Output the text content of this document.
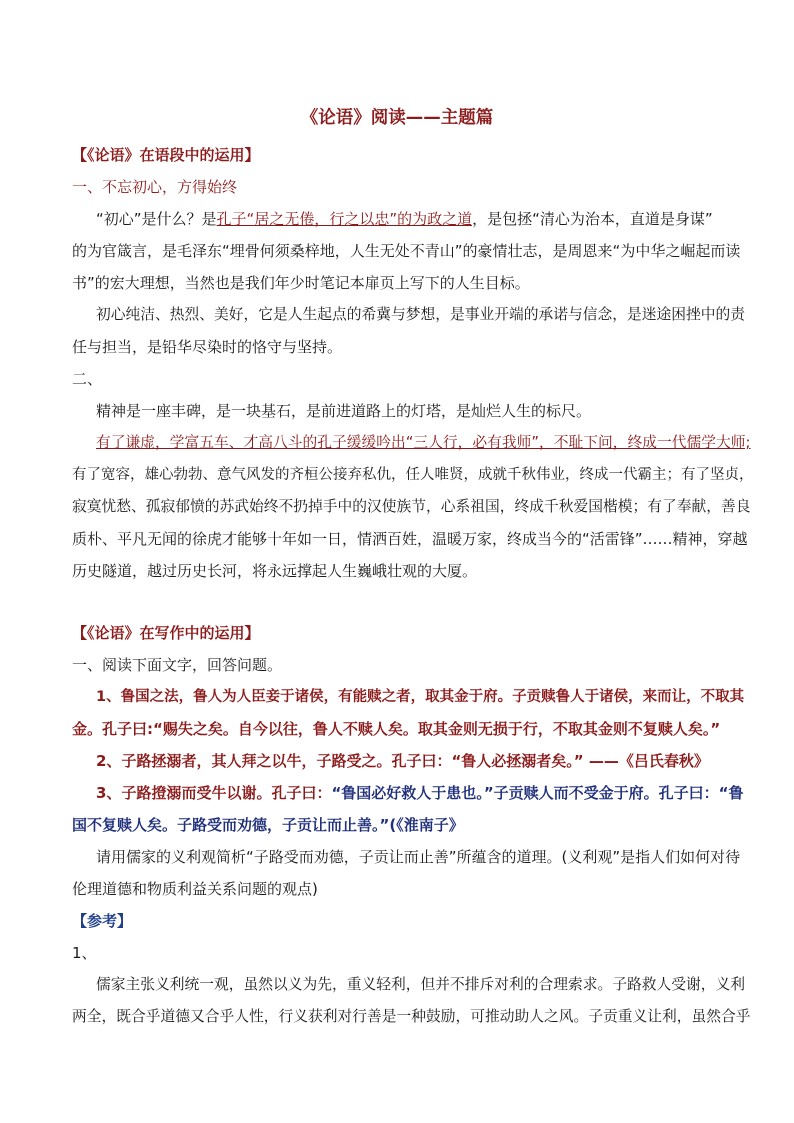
《论语》阅读——主题篇
【《论语》在语段中的运用】
一、不忘初心，方得始终
“初心”是什么？是孔子“居之无倦，行之以忠”的为政之道，是包拯“清心为治本，直道是身谋”
的为官箴言，是毛泽东“埋骨何须桑梓地，人生无处不青山”的豪情壮志，是周恩来“为中华之崛起而读
书”的宏大理想，当然也是我们年少时笔记本扉页上写下的人生目标。
初心纯洁、热烈、美好，它是人生起点的希冀与梦想，是事业开端的承诺与信念，是迷途困挫中的责
任与担当，是铅华尽染时的恪守与坚持。
二、
精神是一座丰碑，是一块基石，是前进道路上的灯塔，是灿烂人生的标尺。
有了谦虚，学富五车、才高八斗的孔子缓缓吟出“三人行，必有我师”，不耻下问，终成一代儒学大师;
有了宽容，雄心勃勃、意气风发的齐桓公接弃私仇，任人唯贤，成就千秋伟业，终成一代霸主；有了坚贞，
寂寞忧愁、孤寂郁愤的苏武始终不扔掉手中的汉使族节，心系祖国，终成千秋爱国楷模；有了奉献，善良
质朴、平凡无闻的徐虎才能够十年如一日，情洒百姓，温暖万家，终成当今的“活雷锋”……精神，穿越
历史隧道，越过历史长河，将永远撑起人生巍峨壮观的大厦。
【《论语》在写作中的运用】
一、阅读下面文字，回答问题。
1、鲁国之法，鲁人为人臣妾于诸侯，有能赎之者，取其金于府。子贡赎鲁人于诸侯，来而让，不取其
金。孔子曰:“赐失之矣。自今以往，鲁人不赎人矣。取其金则无损于行，不取其金则不复赎人矣。”
2、子路拯溺者，其人拜之以牛，子路受之。孔子曰：“鲁人必拯溺者矣。” ——《吕氏春秋》
3、子路撜溺而受牛以谢。孔子曰：“鲁国必好救人于患也。”子贡赎人而不受金于府。孔子曰：“鲁
国不复赎人矣。子路受而劝德，子贡让而止善。”(《淮南子》
请用儒家的义利观简析“子路受而劝德，子贡让而止善”所蕴含的道理。(义利观”是指人们如何对待
伦理道德和物质利益关系问题的观点)
【参考】
1、
儒家主张义利统一观，虽然以义为先，重义轻利，但并不排斥对利的合理索求。子路救人受谢，义利
两全，既合乎道德又合乎人性，行义获利对行善是一种鼓励，可推动助人之风。子贡重义让利，虽然合乎
